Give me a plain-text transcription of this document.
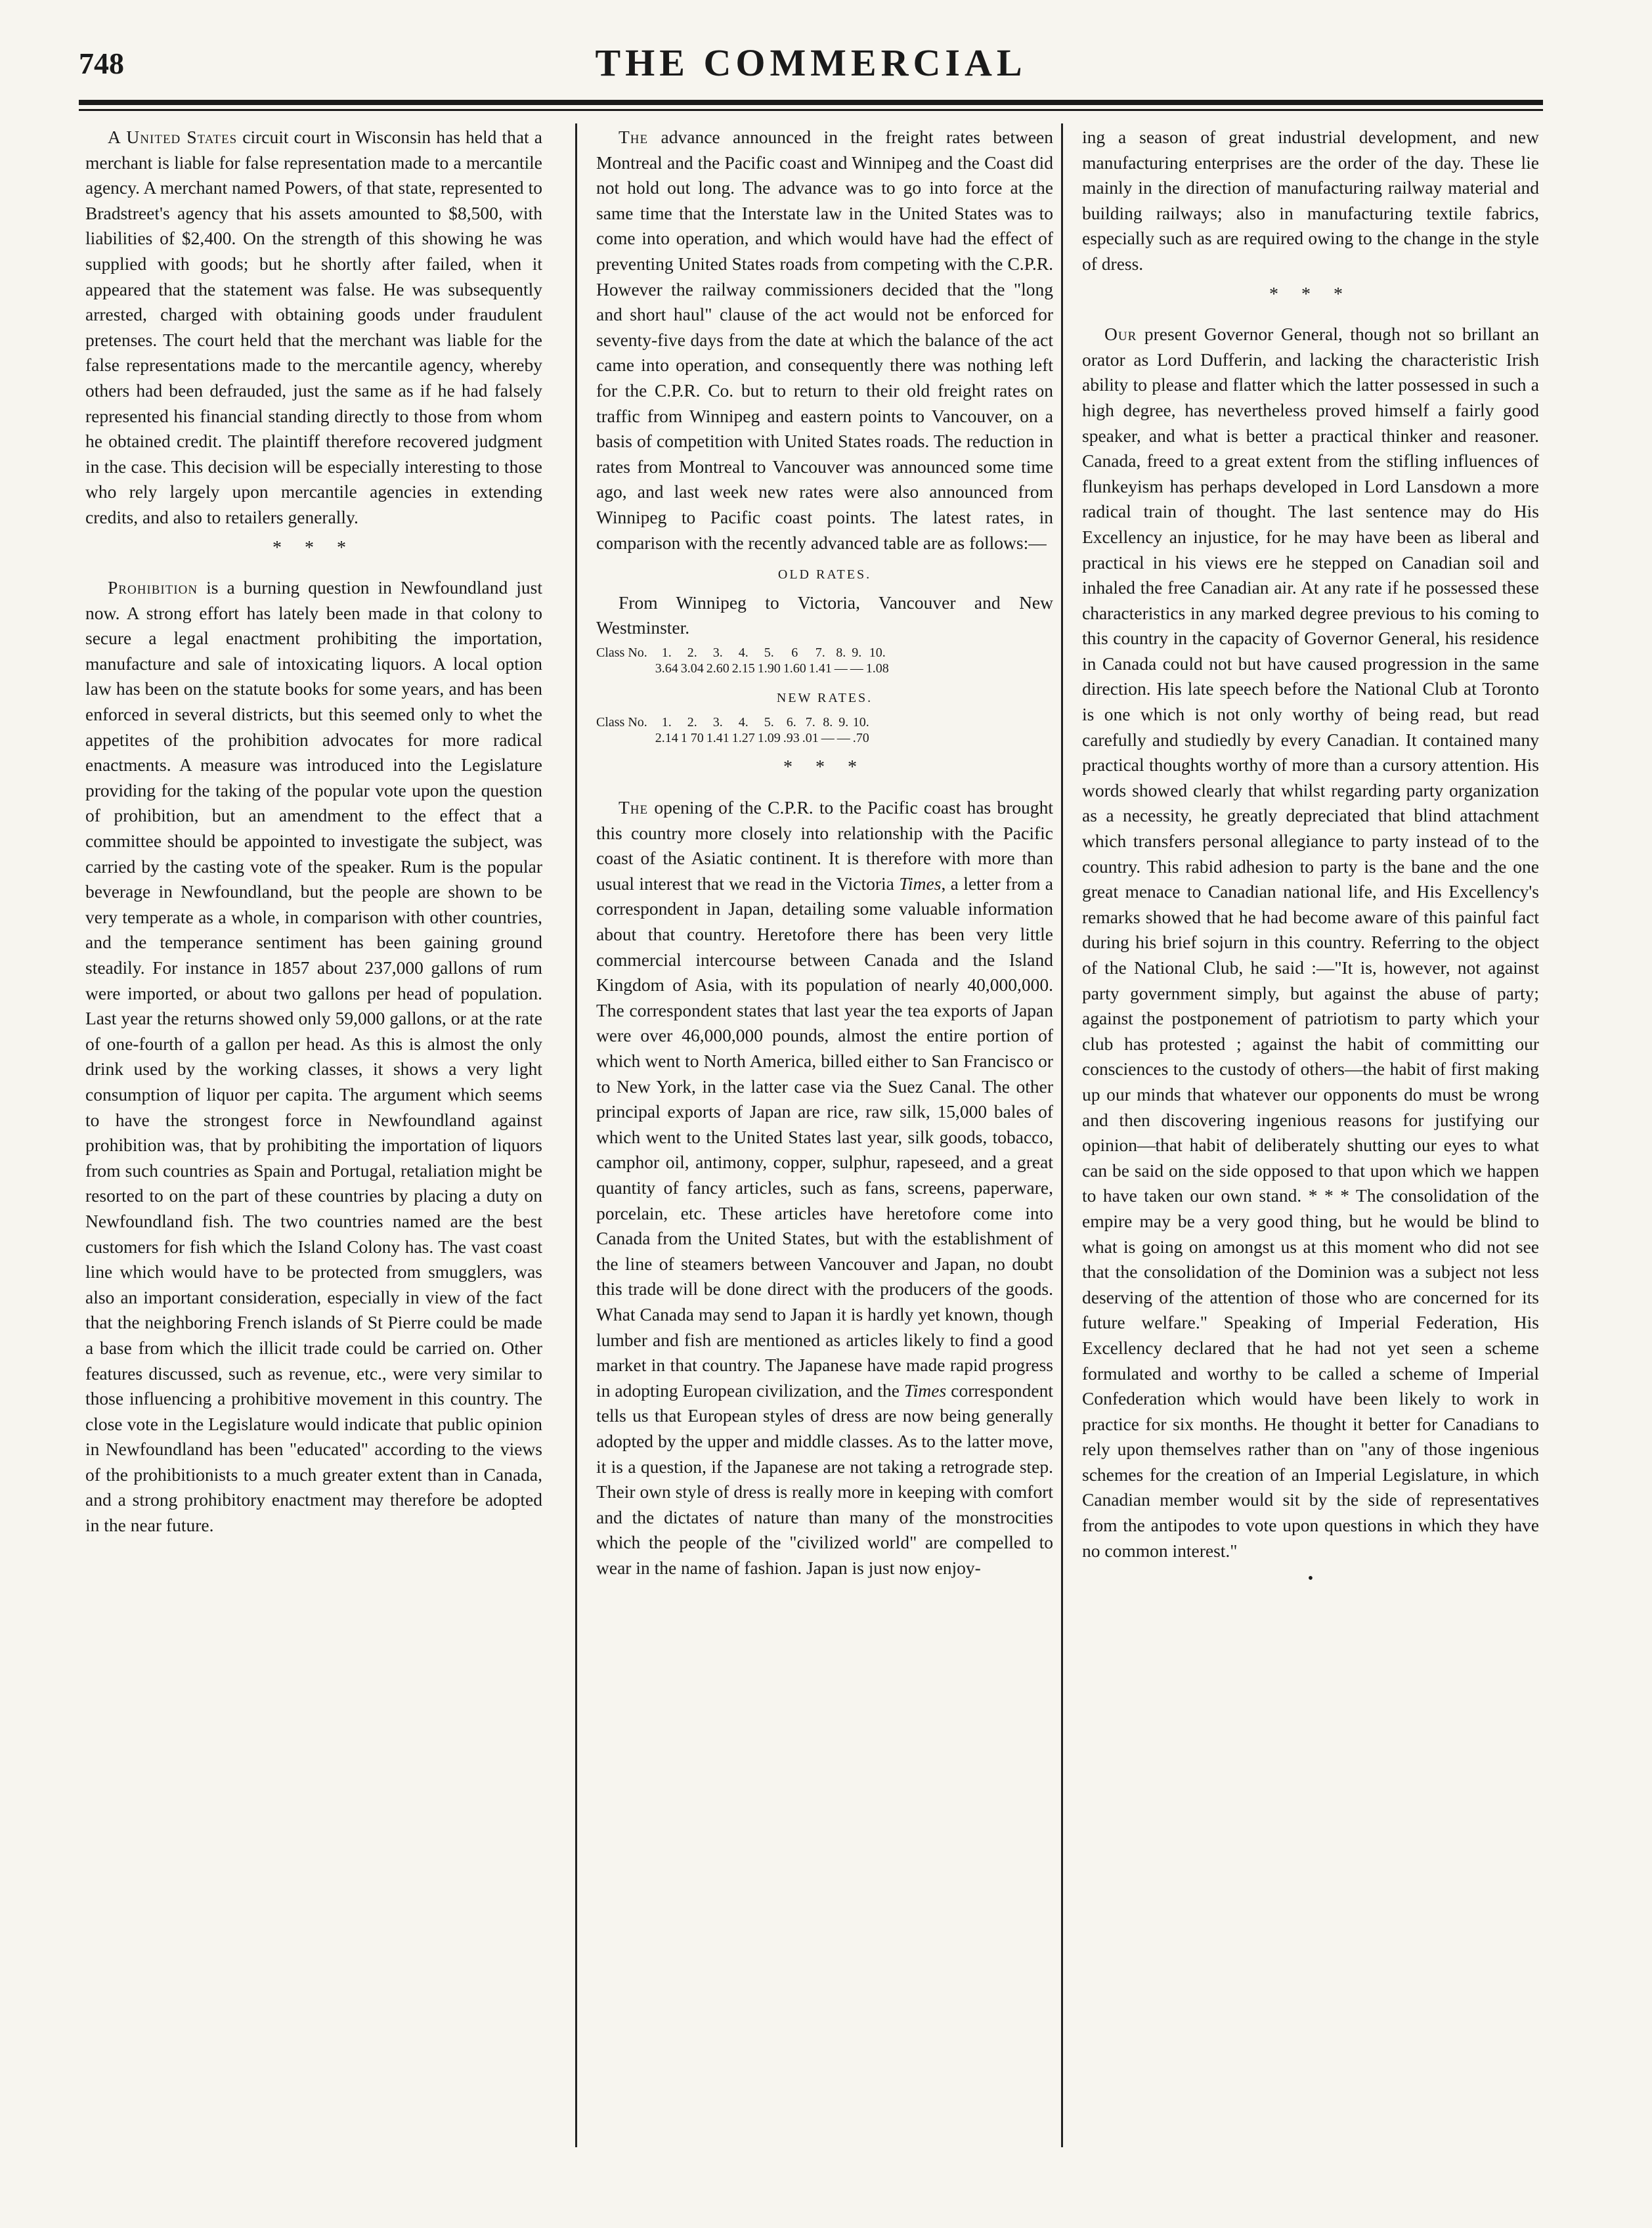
748	THE COMMERCIAL

A United States circuit court in Wisconsin has held that a merchant is liable for false representation made to a mercantile agency. A merchant named Powers, of that state, represented to Bradstreet's agency that his assets amounted to $8,500, with liabilities of $2,400. On the strength of this showing he was supplied with goods; but he shortly after failed, when it appeared that the statement was false. He was subsequently arrested, charged with obtaining goods under fraudulent pretenses. The court held that the merchant was liable for the false representations made to the mercantile agency, whereby others had been defrauded, just the same as if he had falsely represented his financial standing directly to those from whom he obtained credit. The plaintiff therefore recovered judgment in the case. This decision will be especially interesting to those who rely largely upon mercantile agencies in extending credits, and also to retailers generally.

* * *

Prohibition is a burning question in Newfoundland just now. A strong effort has lately been made in that colony to secure a legal enactment prohibiting the importation, manufacture and sale of intoxicating liquors. A local option law has been on the statute books for some years, and has been enforced in several districts, but this seemed only to whet the appetites of the prohibition advocates for more radical enactments. A measure was introduced into the Legislature providing for the taking of the popular vote upon the question of prohibition, but an amendment to the effect that a committee should be appointed to investigate the subject, was carried by the casting vote of the speaker. Rum is the popular beverage in Newfoundland, but the people are shown to be very temperate as a whole, in comparison with other countries, and the temperance sentiment has been gaining ground steadily. For instance in 1857 about 237,000 gallons of rum were imported, or about two gallons per head of population. Last year the returns showed only 59,000 gallons, or at the rate of one-fourth of a gallon per head. As this is almost the only drink used by the working classes, it shows a very light consumption of liquor per capita. The argument which seems to have the strongest force in Newfoundland against prohibition was, that by prohibiting the importation of liquors from such countries as Spain and Portugal, retaliation might be resorted to on the part of these countries by placing a duty on Newfoundland fish. The two countries named are the best customers for fish which the Island Colony has. The vast coast line which would have to be protected from smugglers, was also an important consideration, especially in view of the fact that the neighboring French islands of St Pierre could be made a base from which the illicit trade could be carried on. Other features discussed, such as revenue, etc., were very similar to those influencing a prohibitive movement in this country. The close vote in the Legislature would indicate that public opinion in Newfoundland has been "educated" according to the views of the prohibitionists to a much greater extent than in Canada, and a strong prohibitory enactment may therefore be adopted in the near future.

The advance announced in the freight rates between Montreal and the Pacific coast and Winnipeg and the Coast did not hold out long. The advance was to go into force at the same time that the Interstate law in the United States was to come into operation, and which would have had the effect of preventing United States roads from competing with the C.P.R. However the railway commissioners decided that the "long and short haul" clause of the act would not be enforced for seventy-five days from the date at which the balance of the act came into operation, and consequently there was nothing left for the C.P.R. Co. but to return to their old freight rates on traffic from Winnipeg and eastern points to Vancouver, on a basis of competition with United States roads. The reduction in rates from Montreal to Vancouver was announced some time ago, and last week new rates were also announced from Winnipeg to Pacific coast points. The latest rates, in comparison with the recently advanced table are as follows:—

OLD RATES.

From Winnipeg to Victoria, Vancouver and New Westminster.

Class No.	1.	2.	3.	4.	5.	6	7.	8.	9.	10.
	3.64	3.04	2.60	2.15	1.90	1.60	1.41	—	—	1.08
NEW RATES.
Class No.	1.	2.	3.	4.	5.	6.	7.	8.	9.	10.
	2.14	1 70	1.41	1.27	1.09	.93	.01	—	—	.70
* * *

The opening of the C.P.R. to the Pacific coast has brought this country more closely into relationship with the Pacific coast of the Asiatic continent. It is therefore with more than usual interest that we read in the Victoria Times, a letter from a correspondent in Japan, detailing some valuable information about that country. Heretofore there has been very little commercial intercourse between Canada and the Island Kingdom of Asia, with its population of nearly 40,000,000. The correspondent states that last year the tea exports of Japan were over 46,000,000 pounds, almost the entire portion of which went to North America, billed either to San Francisco or to New York, in the latter case via the Suez Canal. The other principal exports of Japan are rice, raw silk, 15,000 bales of which went to the United States last year, silk goods, tobacco, camphor oil, antimony, copper, sulphur, rapeseed, and a great quantity of fancy articles, such as fans, screens, paperware, porcelain, etc. These articles have heretofore come into Canada from the United States, but with the establishment of the line of steamers between Vancouver and Japan, no doubt this trade will be done direct with the producers of the goods. What Canada may send to Japan it is hardly yet known, though lumber and fish are mentioned as articles likely to find a good market in that country. The Japanese have made rapid progress in adopting European civilization, and the Times correspondent tells us that European styles of dress are now being generally adopted by the upper and middle classes. As to the latter move, it is a question, if the Japanese are not taking a retrograde step. Their own style of dress is really more in keeping with comfort and the dictates of nature than many of the monstrocities which the people of the "civilized world" are compelled to wear in the name of fashion. Japan is just now enjoy-

ing a season of great industrial development, and new manufacturing enterprises are the order of the day. These lie mainly in the direction of manufacturing railway material and building railways; also in manufacturing textile fabrics, especially such as are required owing to the change in the style of dress.

* * *

Our present Governor General, though not so brillant an orator as Lord Dufferin, and lacking the characteristic Irish ability to please and flatter which the latter possessed in such a high degree, has nevertheless proved himself a fairly good speaker, and what is better a practical thinker and reasoner. Canada, freed to a great extent from the stifling influences of flunkeyism has perhaps developed in Lord Lansdown a more radical train of thought. The last sentence may do His Excellency an injustice, for he may have been as liberal and practical in his views ere he stepped on Canadian soil and inhaled the free Canadian air. At any rate if he possessed these characteristics in any marked degree previous to his coming to this country in the capacity of Governor General, his residence in Canada could not but have caused progression in the same direction. His late speech before the National Club at Toronto is one which is not only worthy of being read, but read carefully and studiedly by every Canadian. It contained many practical thoughts worthy of more than a cursory attention. His words showed clearly that whilst regarding party organization as a necessity, he greatly depreciated that blind attachment which transfers personal allegiance to party instead of to the country. This rabid adhesion to party is the bane and the one great menace to Canadian national life, and His Excellency's remarks showed that he had become aware of this painful fact during his brief sojurn in this country. Referring to the object of the National Club, he said :—"It is, however, not against party government simply, but against the abuse of party; against the postponement of patriotism to party which your club has protested ; against the habit of committing our consciences to the custody of others—the habit of first making up our minds that whatever our opponents do must be wrong and then discovering ingenious reasons for justifying our opinion—that habit of deliberately shutting our eyes to what can be said on the side opposed to that upon which we happen to have taken our own stand. * * * The consolidation of the empire may be a very good thing, but he would be blind to what is going on amongst us at this moment who did not see that the consolidation of the Dominion was a subject not less deserving of the attention of those who are concerned for its future welfare." Speaking of Imperial Federation, His Excellency declared that he had not yet seen a scheme formulated and worthy to be called a scheme of Imperial Confederation which would have been likely to work in practice for six months. He thought it better for Canadians to rely upon themselves rather than on "any of those ingenious schemes for the creation of an Imperial Legislature, in which Canadian member would sit by the side of representatives from the antipodes to vote upon questions in which they have no common interest."

•
